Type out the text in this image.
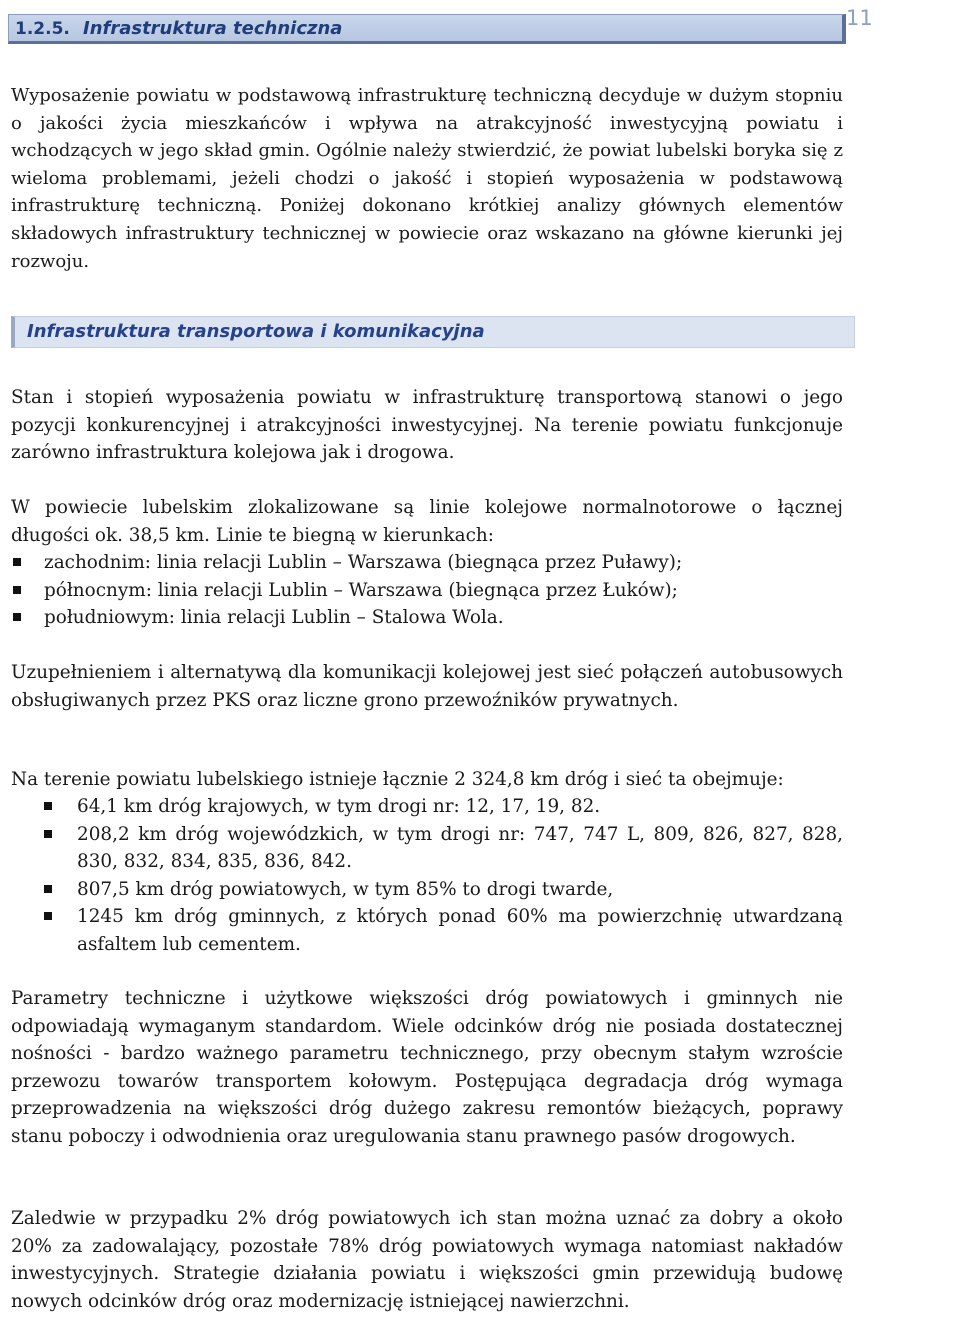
1.2.5. Infrastruktura techniczna	11

Wyposażenie powiatu w podstawową infrastrukturę techniczną decyduje w dużym stopniu o jakości życia mieszkańców i wpływa na atrakcyjność inwestycyjną powiatu i wchodzących w jego skład gmin. Ogólnie należy stwierdzić, że powiat lubelski boryka się z wieloma problemami, jeżeli chodzi o jakość i stopień wyposażenia w podstawową infrastrukturę techniczną. Poniżej dokonano krótkiej analizy głównych elementów składowych infrastruktury technicznej w powiecie oraz wskazano na główne kierunki jej rozwoju.

Infrastruktura transportowa i komunikacyjna

Stan i stopień wyposażenia powiatu w infrastrukturę transportową stanowi o jego pozycji konkurencyjnej i atrakcyjności inwestycyjnej. Na terenie powiatu funkcjonuje zarówno infrastruktura kolejowa jak i drogowa.

W powiecie lubelskim zlokalizowane są linie kolejowe normalnotorowe o łącznej długości ok. 38,5 km. Linie te biegną w kierunkach:

zachodnim: linia relacji Lublin – Warszawa (biegnąca przez Puławy);
północnym: linia relacji Lublin – Warszawa (biegnąca przez Łuków);
południowym: linia relacji Lublin – Stalowa Wola.

Uzupełnieniem i alternatywą dla komunikacji kolejowej jest sieć połączeń autobusowych obsługiwanych przez PKS oraz liczne grono przewoźników prywatnych.

Na terenie powiatu lubelskiego istnieje łącznie 2 324,8 km dróg i sieć ta obejmuje:

64,1 km dróg krajowych, w tym drogi nr: 12, 17, 19, 82.
208,2 km dróg wojewódzkich, w tym drogi nr: 747, 747 L, 809, 826, 827, 828, 830, 832, 834, 835, 836, 842.
807,5 km dróg powiatowych, w tym 85% to drogi twarde,
1245 km dróg gminnych, z których ponad 60% ma powierzchnię utwardzaną asfaltem lub cementem.

Parametry techniczne i użytkowe większości dróg powiatowych i gminnych nie odpowiadają wymaganym standardom. Wiele odcinków dróg nie posiada dostatecznej nośności - bardzo ważnego parametru technicznego, przy obecnym stałym wzroście przewozu towarów transportem kołowym. Postępująca degradacja dróg wymaga przeprowadzenia na większości dróg dużego zakresu remontów bieżących, poprawy stanu poboczy i odwodnienia oraz uregulowania stanu prawnego pasów drogowych.

Zaledwie w przypadku 2% dróg powiatowych ich stan można uznać za dobry a około 20% za zadowalający, pozostałe 78% dróg powiatowych wymaga natomiast nakładów inwestycyjnych. Strategie działania powiatu i większości gmin przewidują budowę nowych odcinków dróg oraz modernizację istniejącej nawierzchni.
